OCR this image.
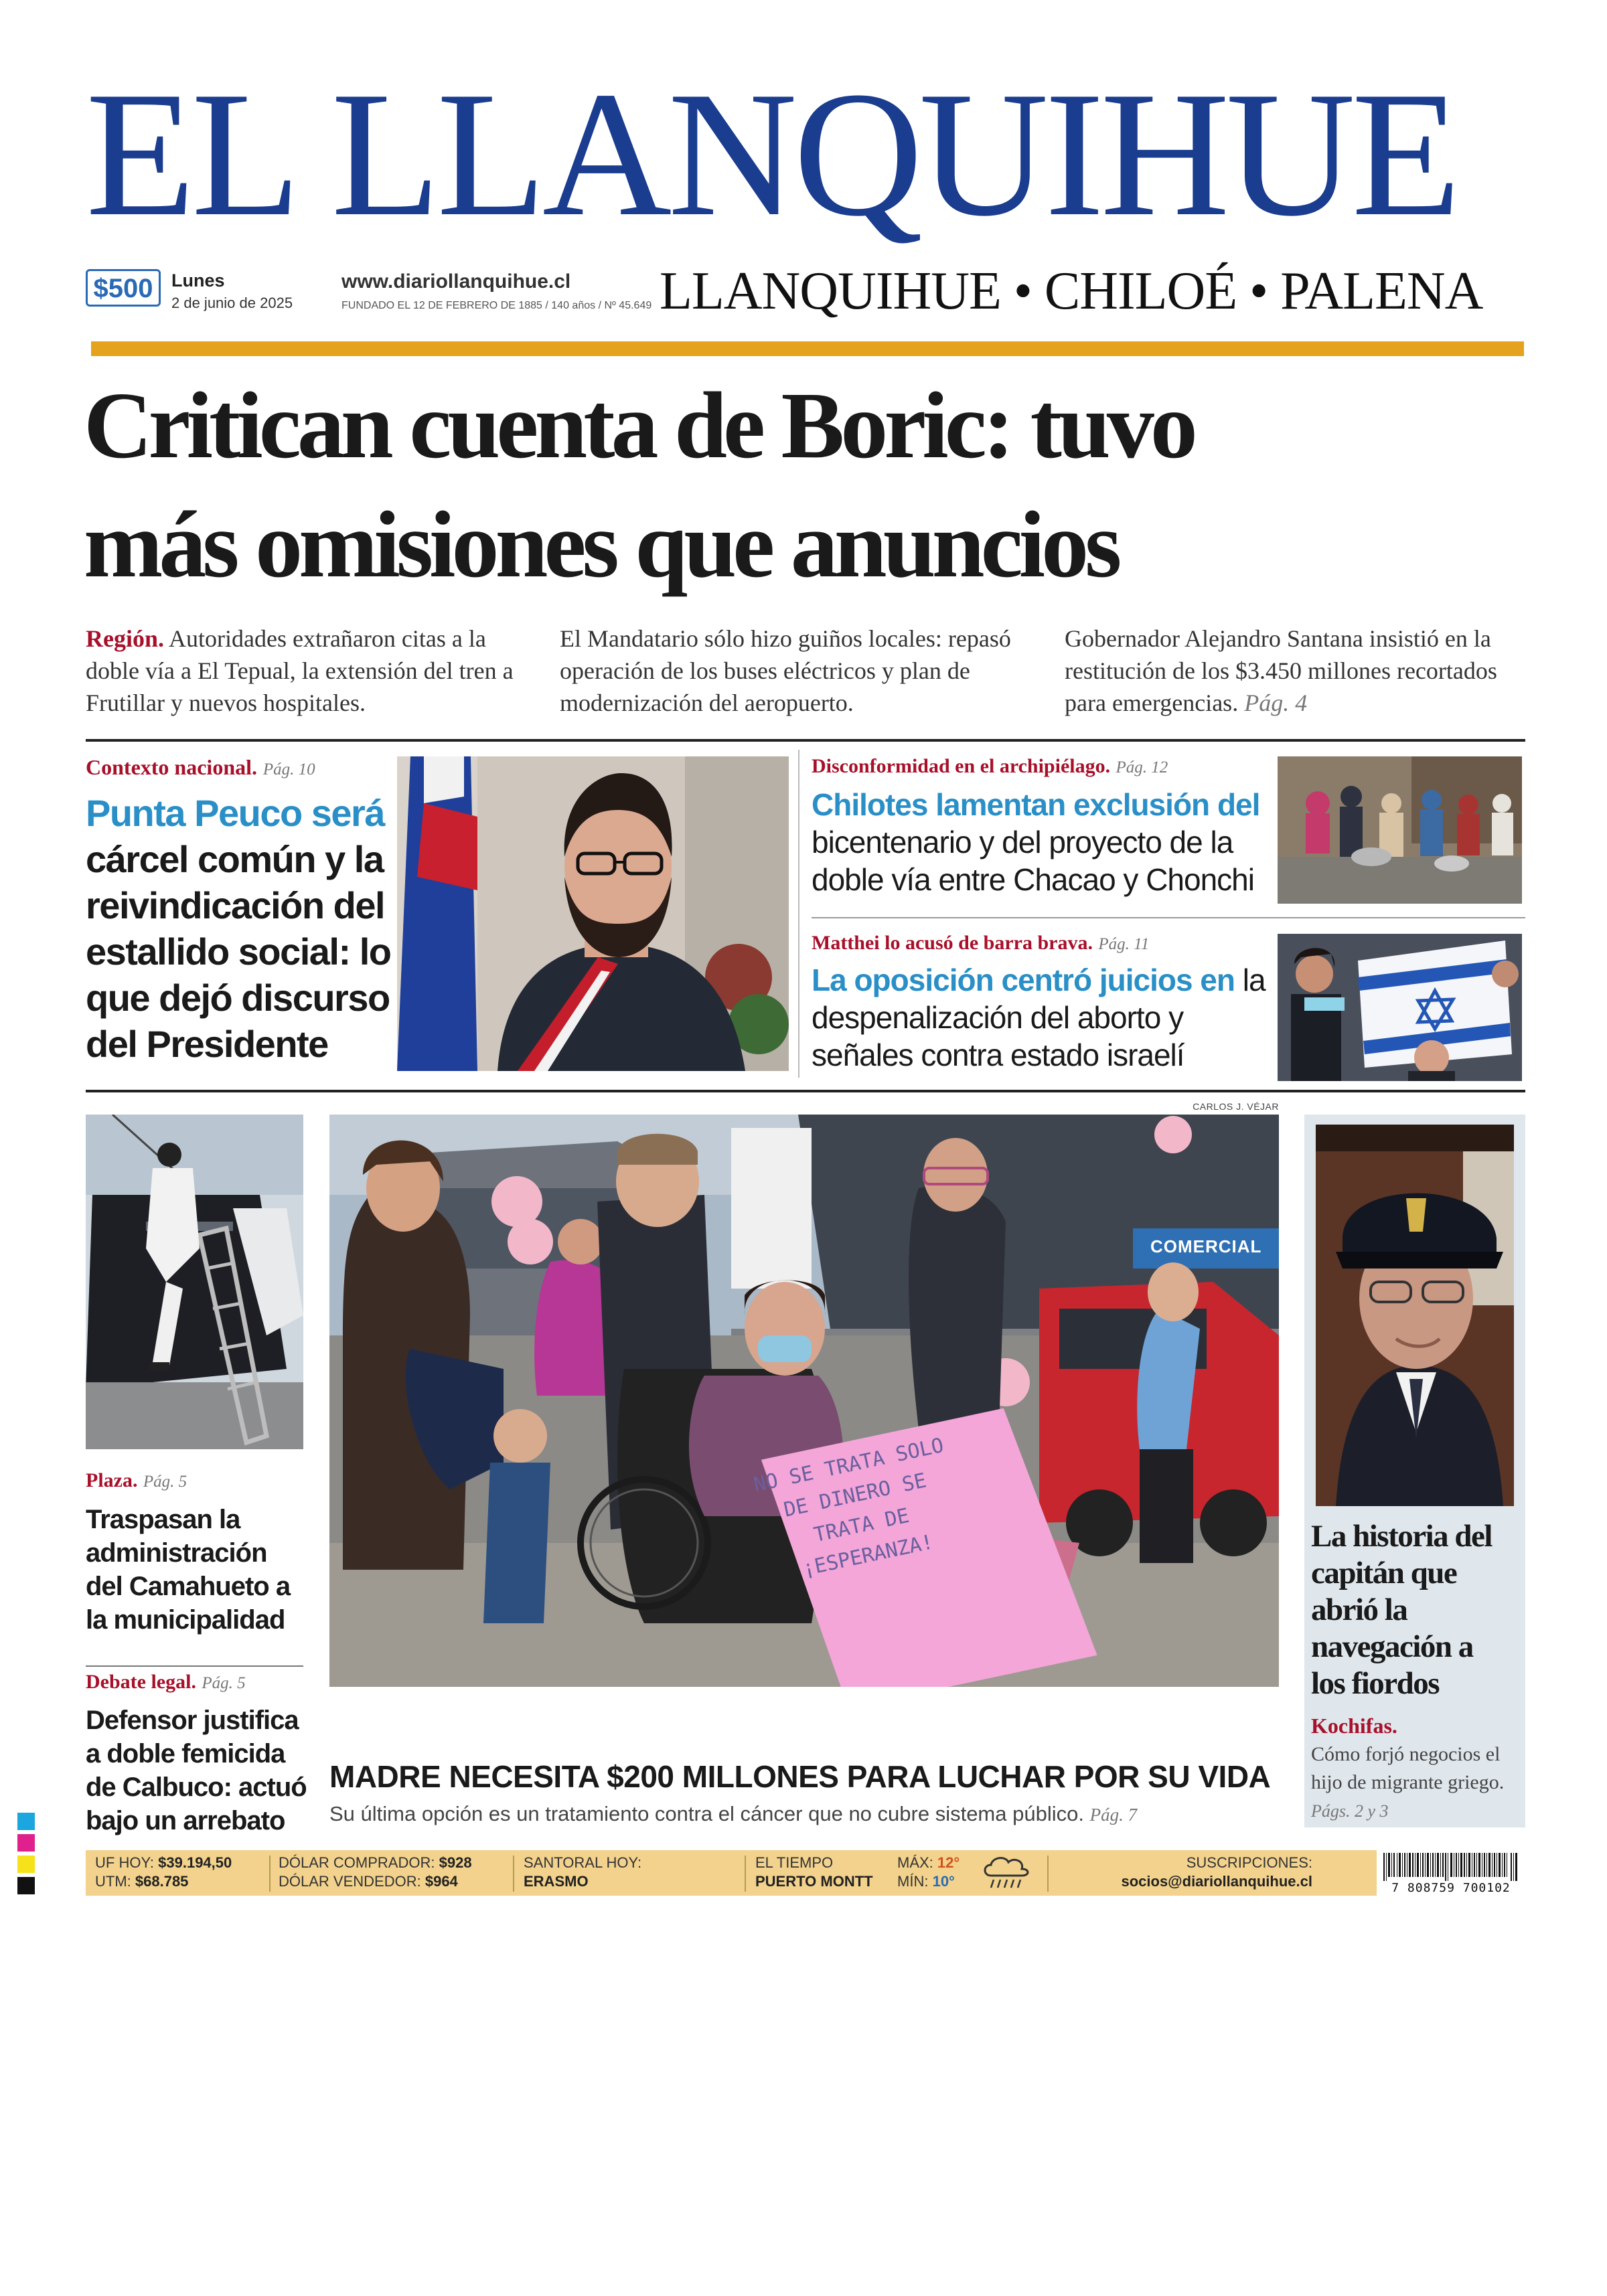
EL LLANQUIHUE
$500	Lunes
2 de junio de 2025
www.diariollanquihue.cl
FUNDADO EL 12 DE FEBRERO DE 1885 / 140 años / Nº 45.649 LLANQUIHUE • CHILOÉ • PALENA
Critican cuenta de Boric: tuvo
más omisiones que anuncios
Región. Autoridades extrañaron citas a la doble vía a El Tepual, la extensión del tren a Frutillar y nuevos hospitales.
El Mandatario sólo hizo guiños locales: repasó operación de los buses eléctricos y plan de modernización del aeropuerto.
Gobernador Alejandro Santana insistió en la restitución de los $3.450 millones recortados para emergencias. Pág. 4
Contexto nacional. Pág. 10
Punta Peuco será cárcel común y la reivindicación del estallido social: lo que dejó discurso del Presidente
Disconformidad en el archipiélago. Pág. 12
Chilotes lamentan exclusión del bicentenario y del proyecto de la doble vía entre Chacao y Chonchi
Matthei lo acusó de barra brava. Pág. 11
La oposición centró juicios en la despenalización del aborto y señales contra estado israelí
Plaza. Pág. 5
Traspasan la administración del Camahueto a la municipalidad
Debate legal. Pág. 5
Defensor justifica a doble femicida de Calbuco: actuó bajo un arrebato
CARLOS J. VÉJAR
NO SE TRATA SOLO DE DINERO SE TRATA DE ¡ESPERANZA!
COMERCIAL
MADRE NECESITA $200 MILLONES PARA LUCHAR POR SU VIDA
Su última opción es un tratamiento contra el cáncer que no cubre sistema público. Pág. 7
La historia del capitán que abrió la navegación a los fiordos
Kochifas.
Cómo forjó negocios el hijo de migrante griego. Págs. 2 y 3
UF HOY: $39.194,50
UTM: $68.785
DÓLAR COMPRADOR: $928
DÓLAR VENDEDOR: $964
SANTORAL HOY:
ERASMO
EL TIEMPO
PUERTO MONTT
MÁX: 12°
MÍN: 10°
SUSCRIPCIONES:
socios@diariollanquihue.cl	7 808759 700102
